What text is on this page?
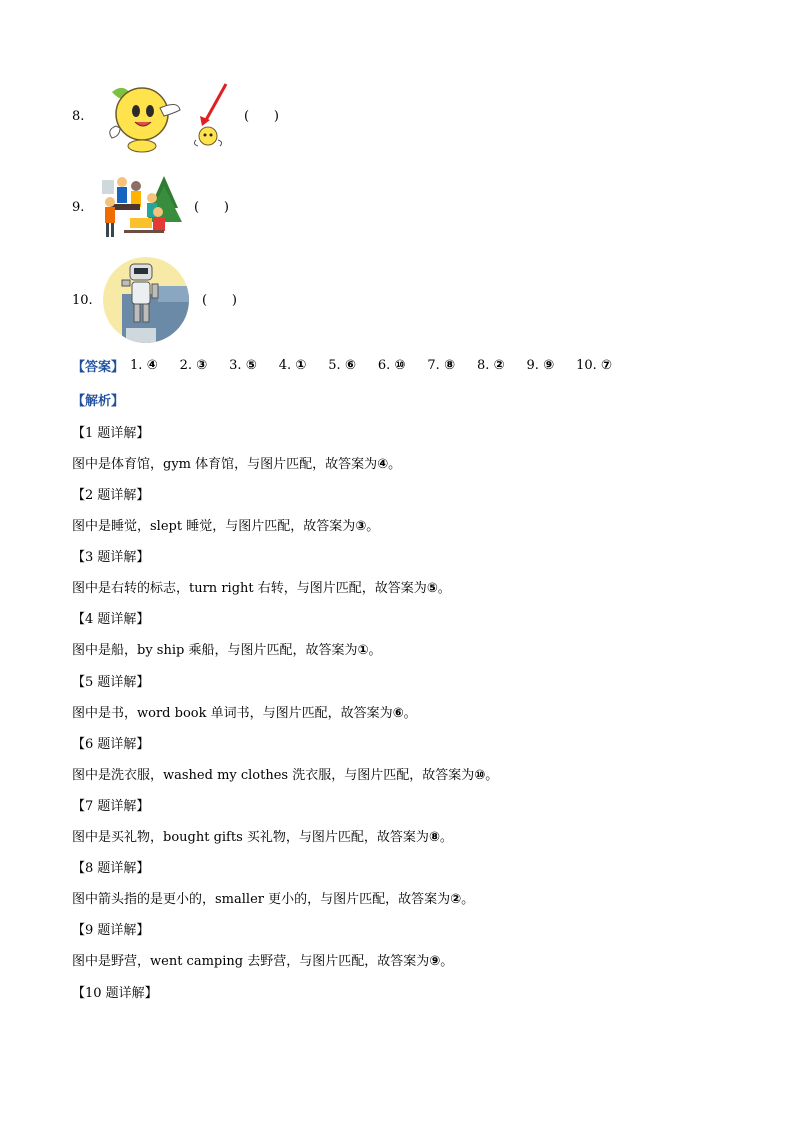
8.	(      )
9.	(      )
10.	(      )
【答案】 1. ④ 2. ③ 3. ⑤ 4. ① 5. ⑥ 6. ⑩ 7. ⑧ 8. ② 9. ⑨ 10. ⑦
【解析】
【1 题详解】
图中是体育馆，gym 体育馆，与图片匹配，故答案为④。
【2 题详解】
图中是睡觉，slept 睡觉，与图片匹配，故答案为③。
【3 题详解】
图中是右转的标志，turn right 右转，与图片匹配，故答案为⑤。
【4 题详解】
图中是船，by ship 乘船，与图片匹配，故答案为①。
【5 题详解】
图中是书，word book 单词书，与图片匹配，故答案为⑥。
【6 题详解】
图中是洗衣服，washed my clothes 洗衣服，与图片匹配，故答案为⑩。
【7 题详解】
图中是买礼物，bought gifts 买礼物，与图片匹配，故答案为⑧。
【8 题详解】
图中箭头指的是更小的，smaller 更小的，与图片匹配，故答案为②。
【9 题详解】
图中是野营，went camping 去野营，与图片匹配，故答案为⑨。
【10 题详解】
